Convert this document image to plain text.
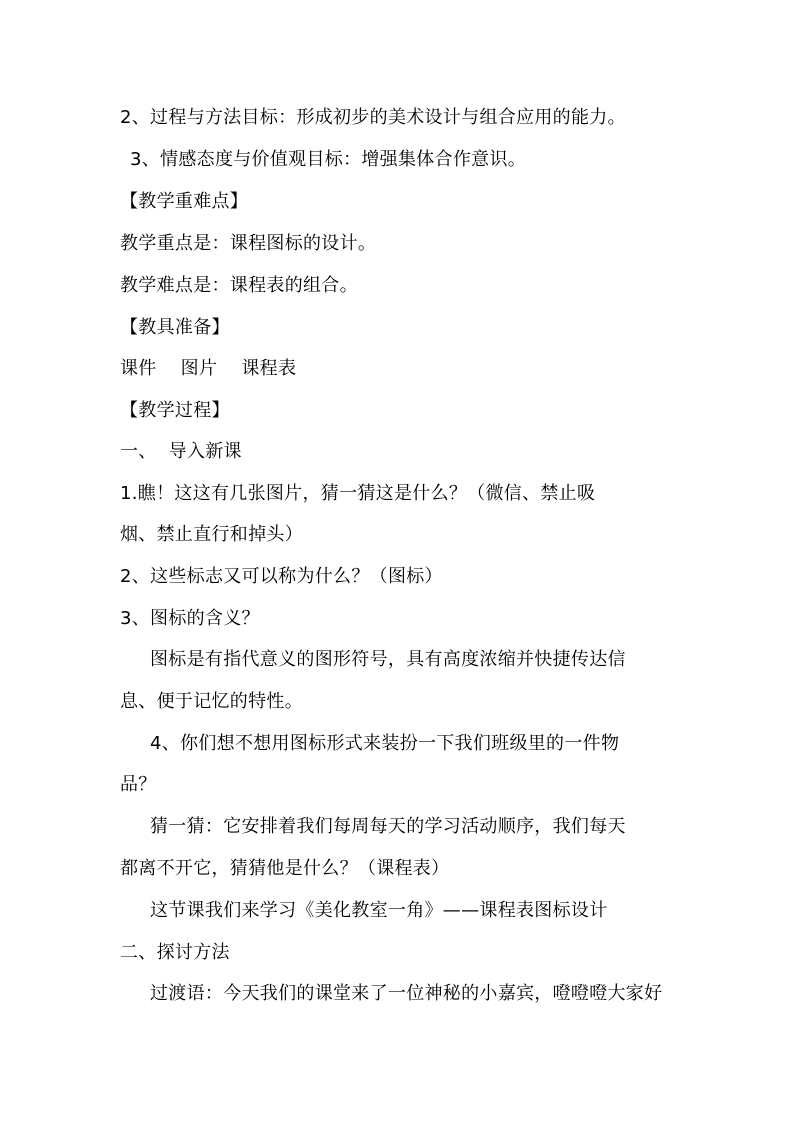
2、过程与方法目标：形成初步的美术设计与组合应用的能力。

3、情感态度与价值观目标：增强集体合作意识。

【教学重难点】

教学重点是：课程图标的设计。

教学难点是：课程表的组合。

【教具准备】

课件    图片    课程表

【教学过程】

一、  导入新课

1.瞧！这这有几张图片，猜一猜这是什么？（微信、禁止吸

烟、禁止直行和掉头）

2、这些标志又可以称为什么？（图标）

3、图标的含义？

图标是有指代意义的图形符号，具有高度浓缩并快捷传达信

息、便于记忆的特性。

4、你们想不想用图标形式来装扮一下我们班级里的一件物

品？

猜一猜：它安排着我们每周每天的学习活动顺序，我们每天

都离不开它，猜猜他是什么？（课程表）

这节课我们来学习《美化教室一角》——课程表图标设计

二、探讨方法

过渡语：今天我们的课堂来了一位神秘的小嘉宾，噔噔噔大家好
